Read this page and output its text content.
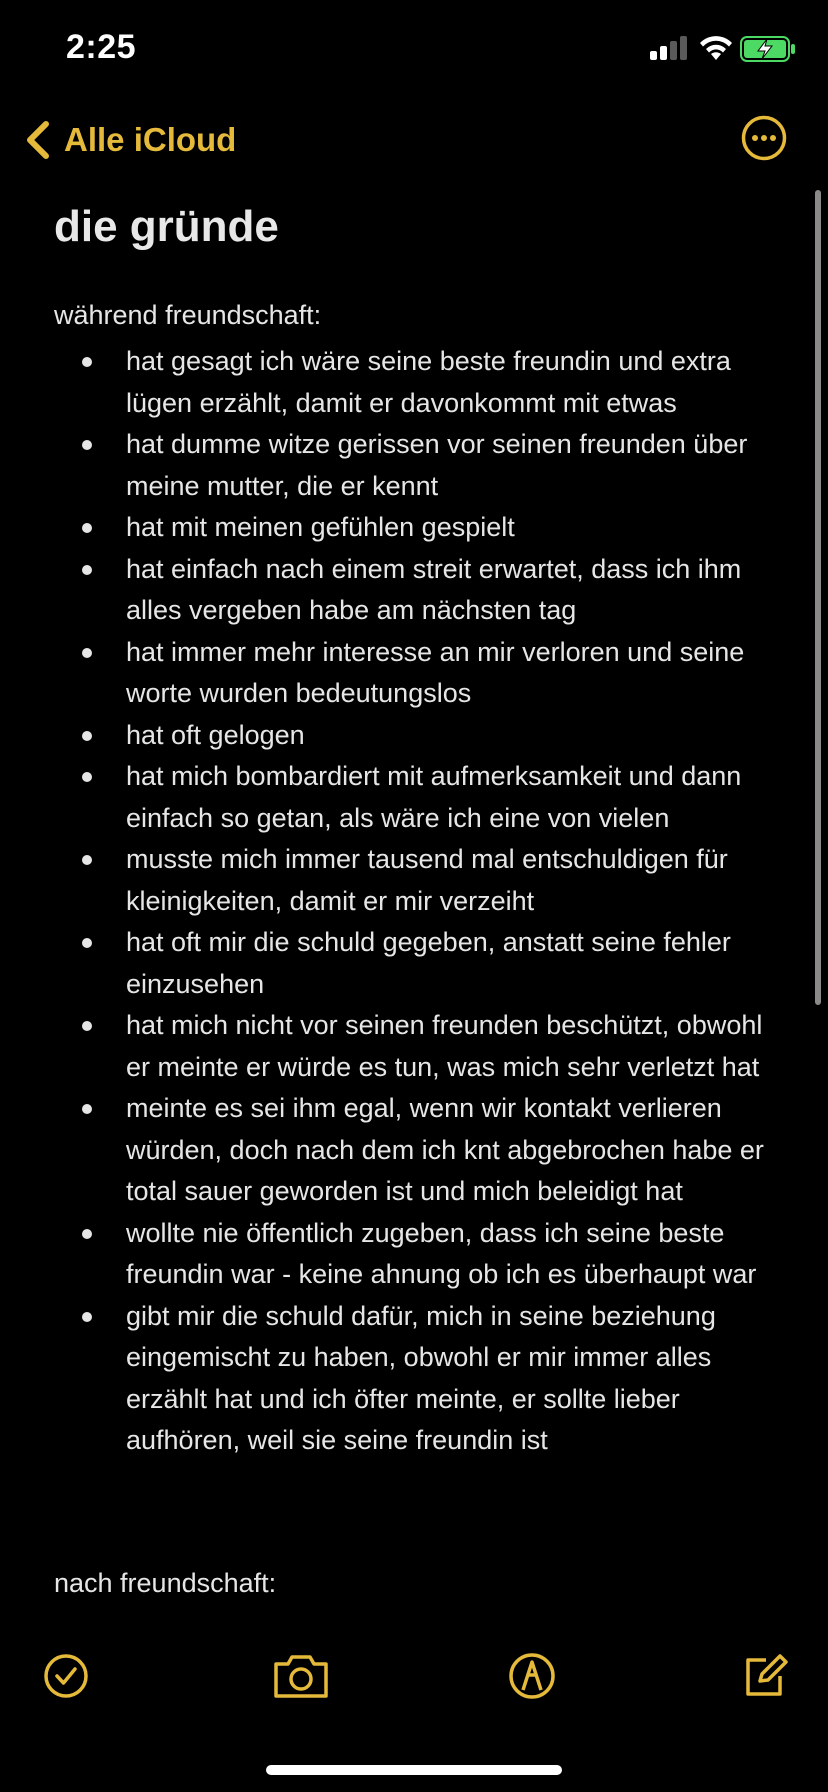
2:25
Alle iCloud
die gründe

während freundschaft:

hat gesagt ich wäre seine beste freundin und extra lügen erzählt, damit er davonkommt mit etwas
hat dumme witze gerissen vor seinen freunden über meine mutter, die er kennt
hat mit meinen gefühlen gespielt
hat einfach nach einem streit erwartet, dass ich ihm alles vergeben habe am nächsten tag
hat immer mehr interesse an mir verloren und seine worte wurden bedeutungslos
hat oft gelogen
hat mich bombardiert mit aufmerksamkeit und dann einfach so getan, als wäre ich eine von vielen
musste mich immer tausend mal entschuldigen für kleinigkeiten, damit er mir verzeiht
hat oft mir die schuld gegeben, anstatt seine fehler einzusehen
hat mich nicht vor seinen freunden beschützt, obwohl er meinte er würde es tun, was mich sehr verletzt hat
meinte es sei ihm egal, wenn wir kontakt verlieren würden, doch nach dem ich knt abgebrochen habe er total sauer geworden ist und mich beleidigt hat
wollte nie öffentlich zugeben, dass ich seine beste freundin war - keine ahnung ob ich es überhaupt war
gibt mir die schuld dafür, mich in seine beziehung eingemischt zu haben, obwohl er mir immer alles erzählt hat und ich öfter meinte, er sollte lieber aufhören, weil sie seine freundin ist

nach freundschaft:
